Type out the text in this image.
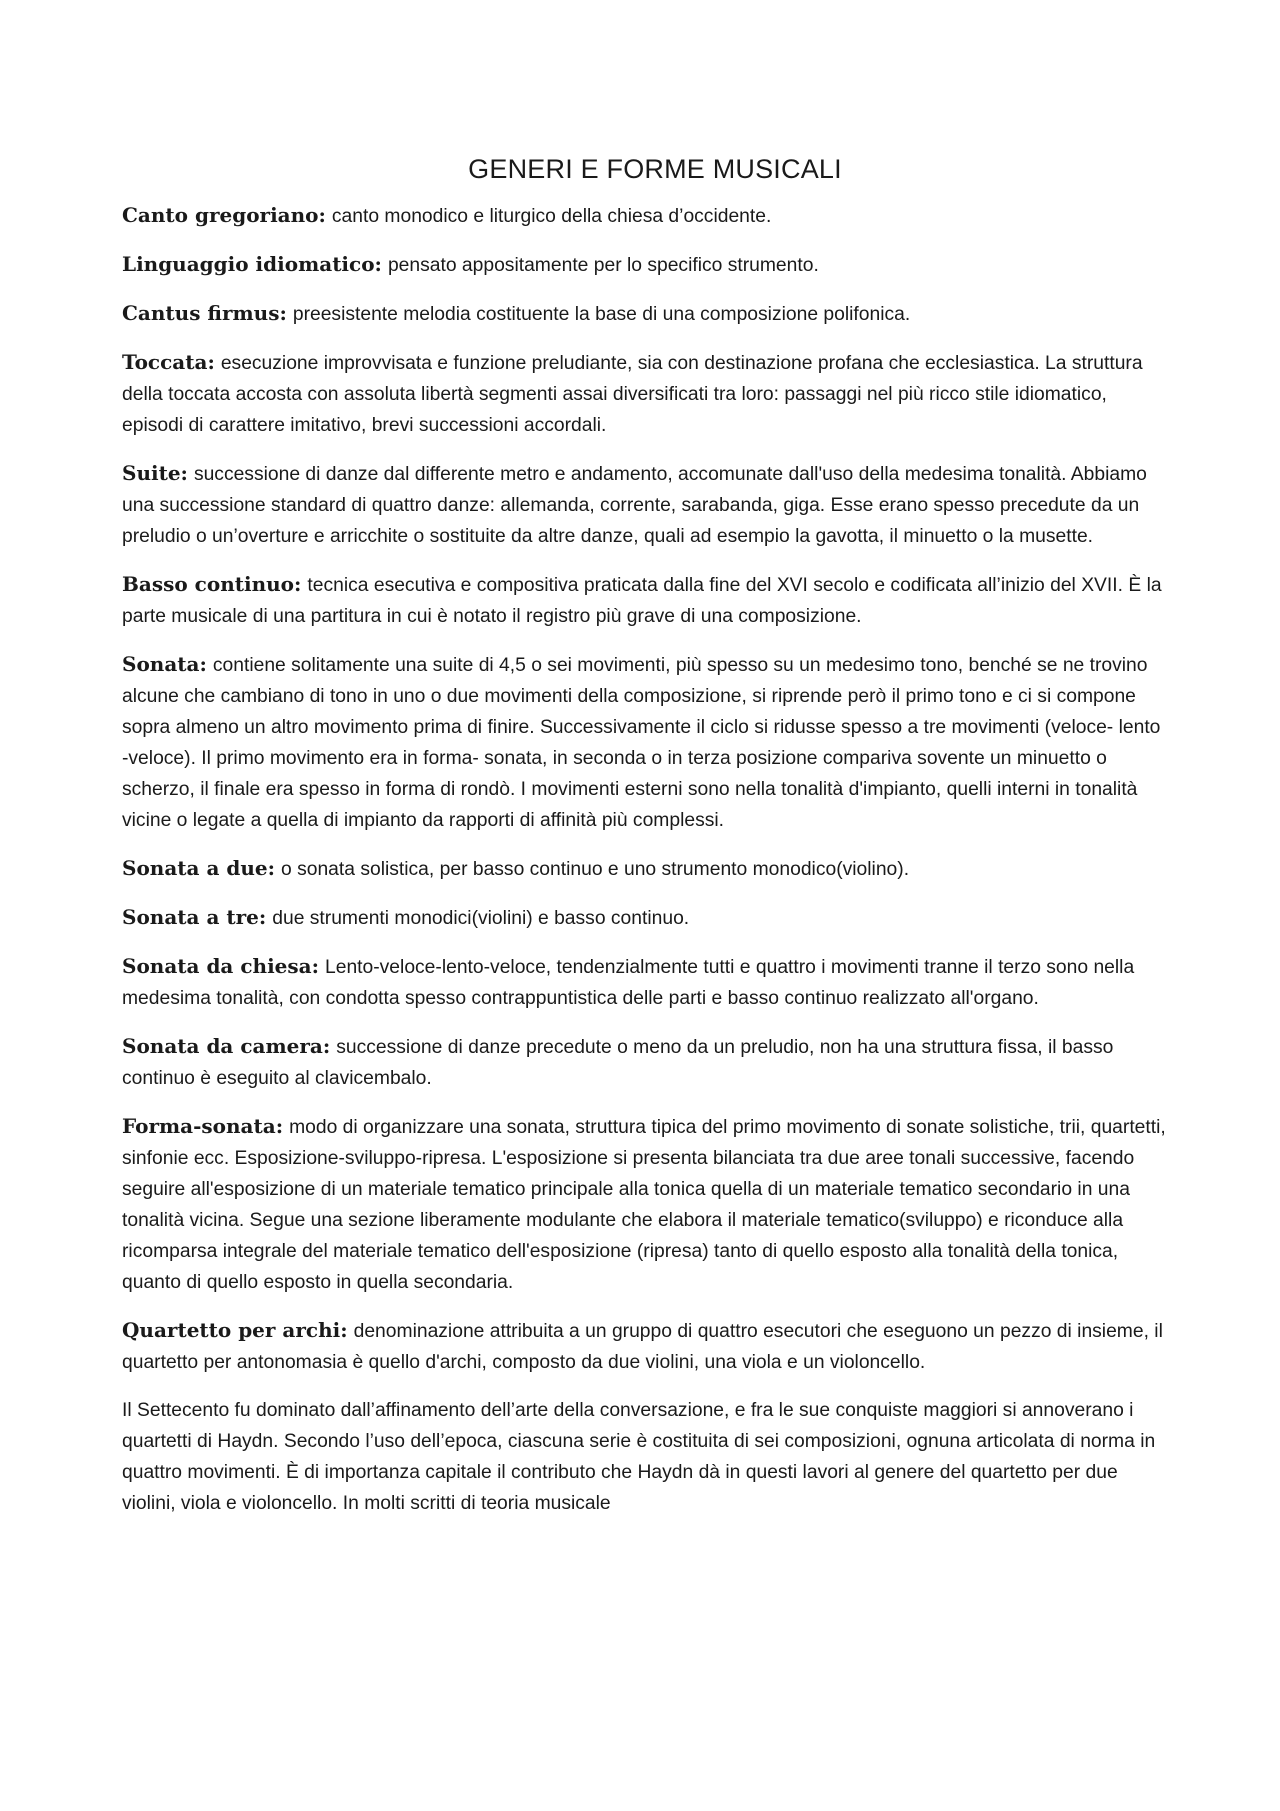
GENERI E FORME MUSICALI

Canto gregoriano: canto monodico e liturgico della chiesa d’occidente.

Linguaggio idiomatico: pensato appositamente per lo specifico strumento.

Cantus firmus: preesistente melodia costituente la base di una composizione polifonica.

Toccata: esecuzione improvvisata e funzione preludiante, sia con destinazione profana che ecclesiastica. La struttura della toccata accosta con assoluta libertà segmenti assai diversificati tra loro: passaggi nel più ricco stile idiomatico, episodi di carattere imitativo, brevi successioni accordali.

Suite: successione di danze dal differente metro e andamento, accomunate dall'uso della medesima tonalità. Abbiamo una successione standard di quattro danze: allemanda, corrente, sarabanda, giga. Esse erano spesso precedute da un preludio o un’overture e arricchite o sostituite da altre danze, quali ad esempio la gavotta, il minuetto o la musette.

Basso continuo: tecnica esecutiva e compositiva praticata dalla fine del XVI secolo e codificata all’inizio del XVII. È la parte musicale di una partitura in cui è notato il registro più grave di una composizione.

Sonata: contiene solitamente una suite di 4,5 o sei movimenti, più spesso su un medesimo tono, benché se ne trovino alcune che cambiano di tono in uno o due movimenti della composizione, si riprende però il primo tono e ci si compone sopra almeno un altro movimento prima di finire. Successivamente il ciclo si ridusse spesso a tre movimenti (veloce- lento -veloce). Il primo movimento era in forma- sonata, in seconda o in terza posizione compariva sovente un minuetto o scherzo, il finale era spesso in forma di rondò. I movimenti esterni sono nella tonalità d'impianto, quelli interni in tonalità vicine o legate a quella di impianto da rapporti di affinità più complessi.

Sonata a due: o sonata solistica, per basso continuo e uno strumento monodico(violino).

Sonata a tre: due strumenti monodici(violini) e basso continuo.

Sonata da chiesa: Lento-veloce-lento-veloce, tendenzialmente tutti e quattro i movimenti tranne il terzo sono nella medesima tonalità, con condotta spesso contrappuntistica delle parti e basso continuo realizzato all'organo.

Sonata da camera: successione di danze precedute o meno da un preludio, non ha una struttura fissa, il basso continuo è eseguito al clavicembalo.

Forma-sonata: modo di organizzare una sonata, struttura tipica del primo movimento di sonate solistiche, trii, quartetti, sinfonie ecc. Esposizione-sviluppo-ripresa. L'esposizione si presenta bilanciata tra due aree tonali successive, facendo seguire all'esposizione di un materiale tematico principale alla tonica quella di un materiale tematico secondario in una tonalità vicina. Segue una sezione liberamente modulante che elabora il materiale tematico(sviluppo) e riconduce alla ricomparsa integrale del materiale tematico dell'esposizione (ripresa) tanto di quello esposto alla tonalità della tonica, quanto di quello esposto in quella secondaria.

Quartetto per archi: denominazione attribuita a un gruppo di quattro esecutori che eseguono un pezzo di insieme, il quartetto per antonomasia è quello d'archi, composto da due violini, una viola e un violoncello.

Il Settecento fu dominato dall’affinamento dell’arte della conversazione, e fra le sue conquiste maggiori si annoverano i quartetti di Haydn. Secondo l’uso dell’epoca, ciascuna serie è costituita di sei composizioni, ognuna articolata di norma in quattro movimenti. È di importanza capitale il contributo che Haydn dà in questi lavori al genere del quartetto per due violini, viola e violoncello. In molti scritti di teoria musicale
